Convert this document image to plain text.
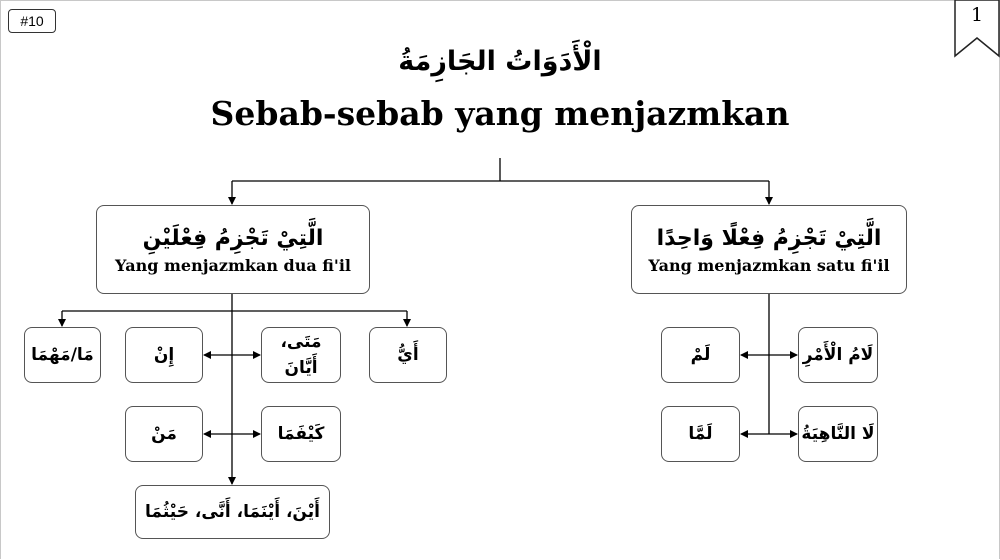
#10	1
الْأَدَوَاتُ الجَازِمَةُ
Sebab-sebab yang menjazmkan
الَّتِيْ تَجْزِمُ فِعْلَيْنِ
Yang menjazmkan dua fi'il
الَّتِيْ تَجْزِمُ فِعْلًا وَاحِدًا
Yang menjazmkan satu fi'il
مَا/مَهْمَا	إِنْ
مَتَى، أَيَّانَ
أَيُّ
مَنْ	كَيْفَمَا
أَيْنَ، أَيْنَمَا، أَنَّى، حَيْثُمَا
لَمْ	لَامُ الْأَمْرِ
لَمَّا	لَا النَّاهِيَةُ
